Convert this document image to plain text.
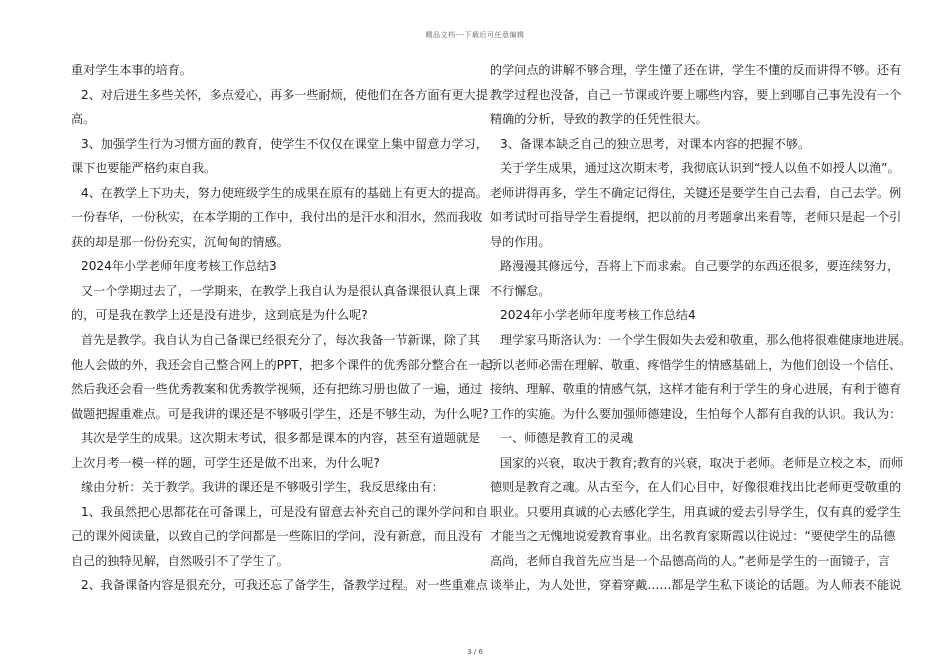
精品文档---下载后可任意编辑
重对学生本事的培育。
2、对后进生多些关怀，多点爱心，再多一些耐烦，使他们在各方面有更大提
高。
3、加强学生行为习惯方面的教育，使学生不仅仅在课堂上集中留意力学习，
课下也要能严格约束自我。
4、在教学上下功夫，努力使班级学生的成果在原有的基础上有更大的提高。
一份春华，一份秋实，在本学期的工作中，我付出的是汗水和泪水，然而我收
获的却是那一份份充实，沉甸甸的情感。
2024年小学老师年度考核工作总结3
又一个学期过去了，一学期来，在教学上我自认为是很认真备课很认真上课
的，可是我在教学上还是没有进步，这到底是为什么呢?
首先是教学。我自认为自己备课已经很充分了，每次我备一节新课，除了其
他人会做的外，我还会自己整合网上的PPT，把多个课件的优秀部分整合在一起，
然后我还会看一些优秀教案和优秀教学视频，还有把练习册也做了一遍，通过
做题把握重难点。可是我讲的课还是不够吸引学生，还是不够生动，为什么呢?
其次是学生的成果。这次期末考试，很多都是课本的内容，甚至有道题就是
上次月考一模一样的题，可学生还是做不出来，为什么呢?
缘由分析：关于教学。我讲的课还是不够吸引学生，我反思缘由有：
1、我虽然把心思都花在可备课上，可是没有留意去补充自己的课外学问和自
己的课外阅读量，以致自己的学问都是一些陈旧的学问，没有新意，而且没有
自己的独特见解，自然吸引不了学生了。
2、我备课备内容是很充分，可我还忘了备学生，备教学过程。对一些重难点
的学问点的讲解不够合理，学生懂了还在讲，学生不懂的反而讲得不够。还有
教学过程也没备，自己一节课或许要上哪些内容，要上到哪自己事先没有一个
精确的分析，导致的教学的任凭性很大。
3、备课本缺乏自己的独立思考，对课本内容的把握不够。
关于学生成果，通过这次期末考，我彻底认识到“授人以鱼不如授人以渔”。
老师讲得再多，学生不确定记得住，关键还是要学生自己去看，自己去学。例
如考试时可指导学生看提纲，把以前的月考题拿出来看等，老师只是起一个引
导的作用。
路漫漫其修远兮，吾将上下而求索。自己要学的东西还很多，要连续努力，
不行懈怠。
2024年小学老师年度考核工作总结4
理学家马斯洛认为：一个学生假如失去爱和敬重，那么他将很难健康地进展。
所以老师必需在理解、敬重、疼惜学生的情感基础上，为他们创设一个信任、
接纳、理解、敬重的情感气氛，这样才能有利于学生的身心进展，有利于德育
工作的实施。为什么要加强师德建设，生怕每个人都有自我的认识。我认为：
一、师德是教育工的灵魂
国家的兴衰，取决于教育;教育的兴衰，取决于老师。老师是立校之本，而师
德则是教育之魂。从古至今，在人们心目中，好像很难找出比老师更受敬重的
职业。只要用真诚的心去感化学生，用真诚的爱去引导学生，仅有真的爱学生
才能当之无愧地说爱教育事业。出名教育家斯霞以往说过：“要使学生的品德
高尚，老师自我首先应当是一个品德高尚的人。”老师是学生的一面镜子，言
谈举止，为人处世，穿着穿戴……都是学生私下谈论的话题。为人师表不能说
3 / 6
